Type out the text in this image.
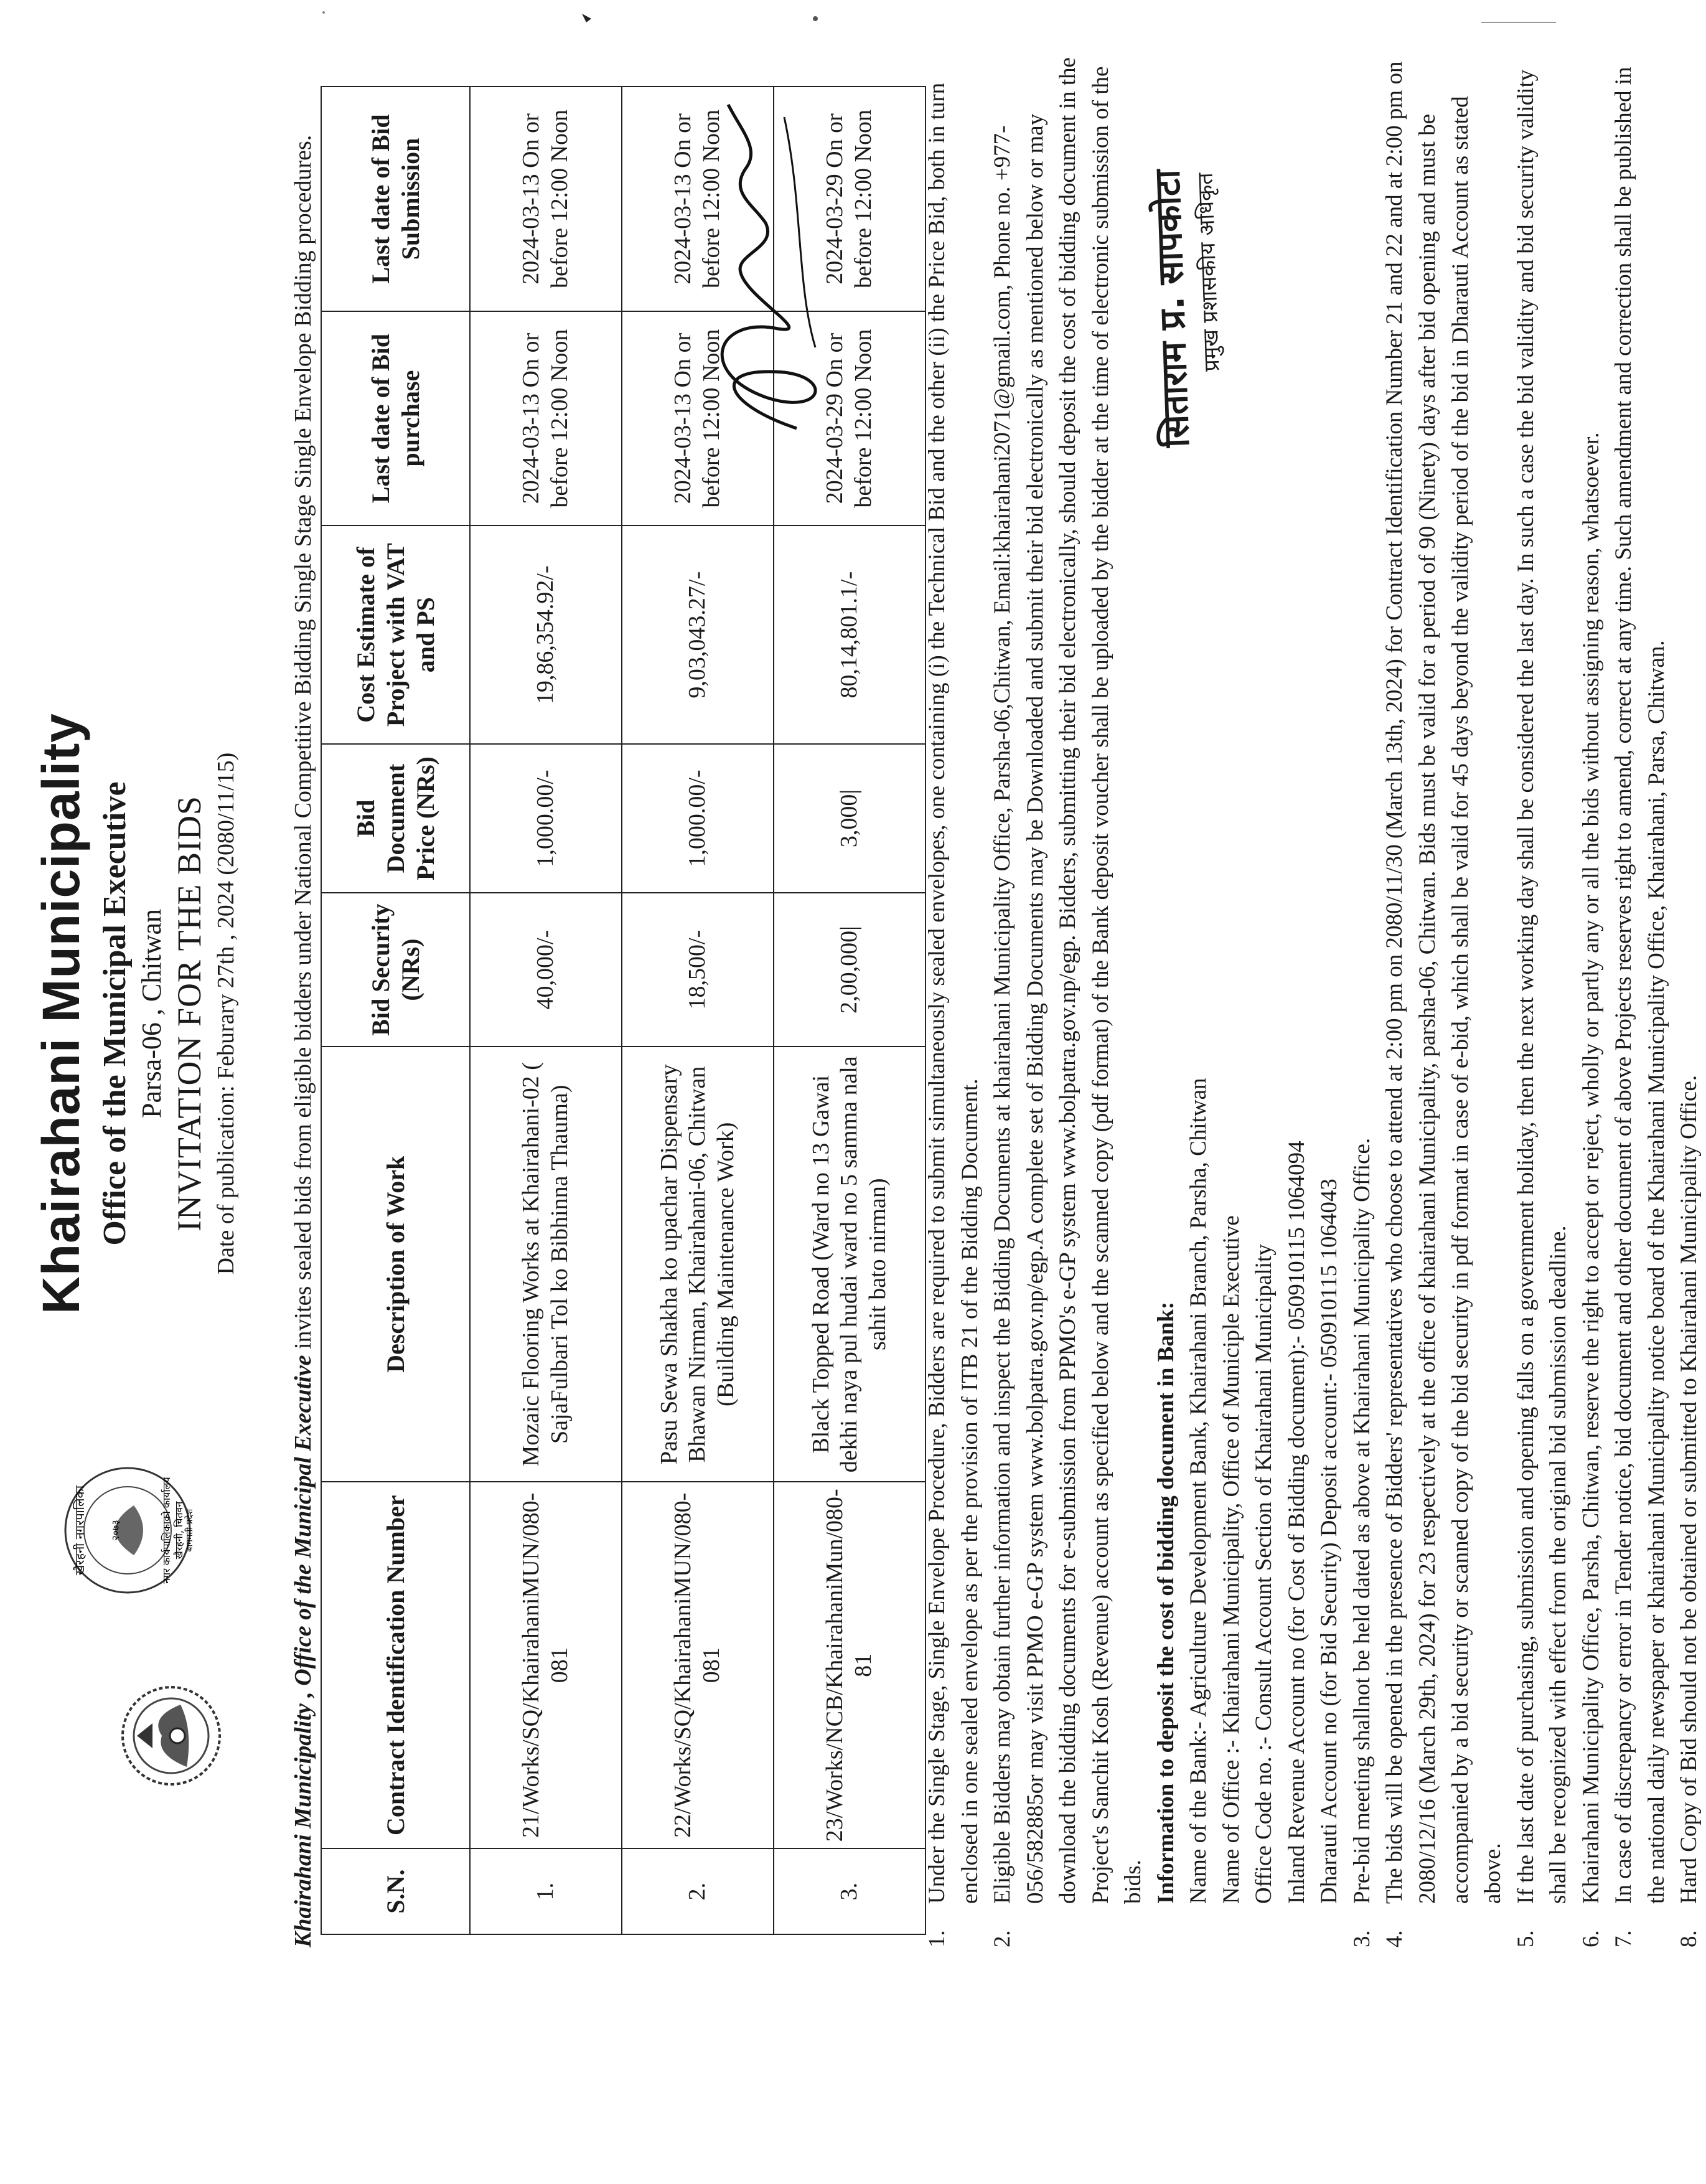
खैरहनी नगरपालिका	नगर कार्यपालिकाको कार्यालय खैरहनी, चितवन बागमती प्रदेश
२०७३
Khairahani Municipality Office of the Municipal Executive Parsa-06 , Chitwan INVITATION FOR THE BIDS Date of publication: Feburary 27th , 2024 (2080/11/15)
Khairahani Municipality , Office of the Municipal Executive invites sealed bids from eligible bidders under National Competitive Bidding Single Stage Single Envelope Bidding procedures.
S.N.	Contract Identification Number	Description of Work	Bid Security (NRs)	Bid Document Price (NRs)	Cost Estimate of Project with VAT and PS	Last date of Bid purchase	Last date of Bid Submission
1.	21/Works/SQ/KhairahaniMUN/080-081	Mozaic Flooring Works at Khairahani-02 ( SajaFulbari Tol ko Bibhinna Thauma)	40,000/-	1,000.00/-	19,86,354.92/-	2024-03-13 On or before 12:00 Noon	2024-03-13 On or before 12:00 Noon
2.	22/Works/SQ/KhairahaniMUN/080-081	Pasu Sewa Shakha ko upachar Dispensary Bhawan Nirman, Khairahani-06, Chitwan (Building Maintenance Work)	18,500/-	1,000.00/-	9,03,043.27/-	2024-03-13 On or before 12:00 Noon	2024-03-13 On or before 12:00 Noon
3.	23/Works/NCB/KhairahaniMun/080-81	Black Topped Road (Ward no 13 Gawai dekhi naya pul hudai ward no 5 samma nala sahit bato nirman)	2,00,000|	3,000|	80,14,801.1/-	2024-03-29 On or before 12:00 Noon	2024-03-29 On or before 12:00 Noon
1.
Under the Single Stage, Single Envelope Procedure, Bidders are required to submit simultaneously sealed envelopes, one containing (i) the Technical Bid and the other (ii) the Price Bid, both in turn enclosed in one sealed envelope as per the provision of ITB 21 of the Bidding Document.
2.
Eligible Bidders may obtain further information and inspect the Bidding Documents at khairahani Municipality Office, Parsha-06,Chitwan, Email:khairahani2071@gmail.com, Phone no. +977-056/582885or may visit PPMO e-GP system www.bolpatra.gov.np/egp.A complete set of Bidding Documents may be Downloaded and submit their bid electronically as mentioned below or may download the bidding documents for e-submission from PPMO's e-GP system www.bolpatra.gov.np/egp. Bidders, submitting their bid electronically, should deposit the cost of bidding document in the Project's Sanchit Kosh (Revenue) account as specified below and the scanned copy (pdf format) of the Bank deposit voucher shall be uploaded by the bidder at the time of electronic submission of the bids. Information to deposit the cost of bidding document in Bank: Name of the Bank:- Agriculture Development Bank, Khairahani Branch, Parsha, Chitwan Name of Office :- Khairahani Municipality, Office of Municiple Executive Office Code no. :- Consult Account Section of Khairahani Municipality Inland Revenue Account no (for Cost of Bidding document):- 050910115 1064094 Dharauti Account no (for Bid Security) Deposit account:- 050910115 1064043
3.
Pre-bid meeting shallnot be held dated as above at Khairahani Municipality Office.
4.
The bids will be opened in the presence of Bidders' representatives who choose to attend at 2:00 pm on 2080/11/30 (March 13th, 2024) for Contract Identification Number 21 and 22 and at 2:00 pm on 2080/12/16 (March 29th, 2024) for 23 respectively at the office of khairahani Municipality, parsha-06, Chitwan. Bids must be valid for a period of 90 (Ninety) days after bid opening and must be accompanied by a bid security or scanned copy of the bid security in pdf format in case of e-bid, which shall be valid for 45 days beyond the validity period of the bid in Dharauti Account as stated above.
5.
If the last date of purchasing, submission and opening falls on a government holiday, then the next working day shall be considered the last day. In such a case the bid validity and bid security validity shall be recognized with effect from the original bid submission deadline.
6.
Khairahani Municipality Office, Parsha, Chitwan, reserve the right to accept or reject, wholly or partly any or all the bids without assigning reason, whatsoever.
7.
In case of discrepancy or error in Tender notice, bid document and other document of above Projects reserves right to amend, correct at any time. Such amendment and correction shall be published in the national daily newspaper or khairahani Municipality notice board of the Khairahani Municipality Office, Khairahani, Parsa, Chitwan.
8.
Hard Copy of Bid should not be obtained or submitted to Khairahani Municipality Office.
सिताराम प्र. सापकोटा
प्रमुख प्रशासकीय अधिकृत
